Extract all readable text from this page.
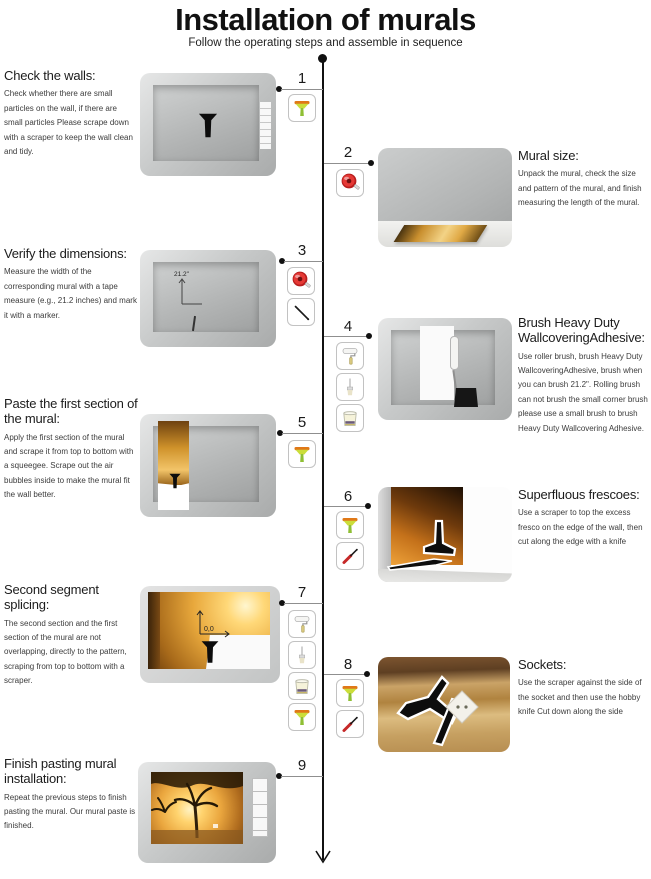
Installation of murals
Follow the operating steps and assemble in sequence
Check the walls:

Check whether there are small particles on the wall, if there are small particles Please scrape down with a scraper to keep the wall clean and tidy.

1
2	Mural size:

Unpack the mural, check the size and pattern of the mural, and finish measuring the length of the mural.

Verify the dimensions:

Measure the width of the corresponding mural with a tape measure (e.g., 21.2 inches) and mark it with a marker.

21.2"
3
4	Brush Heavy Duty WallcoveringAdhesive:

Use roller brush, brush Heavy Duty WallcoveringAdhesive, brush when you can brush 21.2". Rolling brush can not brush the small corner brush please use a small brush to brush Heavy Duty Wallcovering Adhesive.

Paste the first section of the mural:

Apply the first section of the mural and scrape it from top to bottom with a squeegee. Scrape out the air bubbles inside to make the mural fit the wall better.

5
6	Superfluous frescoes:

Use a scraper to top the excess fresco on the edge of the wall, then cut along the edge with a knife

Second segment splicing:

The second section and the first section of the mural are not overlapping, directly to the pattern, scraping from top to bottom with a scraper.

0,0
7
8	Sockets:

Use the scraper against the side of the socket and then use the hobby knife Cut down along the side

Finish pasting mural installation:

Repeat the previous steps to finish pasting the mural. Our mural paste is finished.

9
